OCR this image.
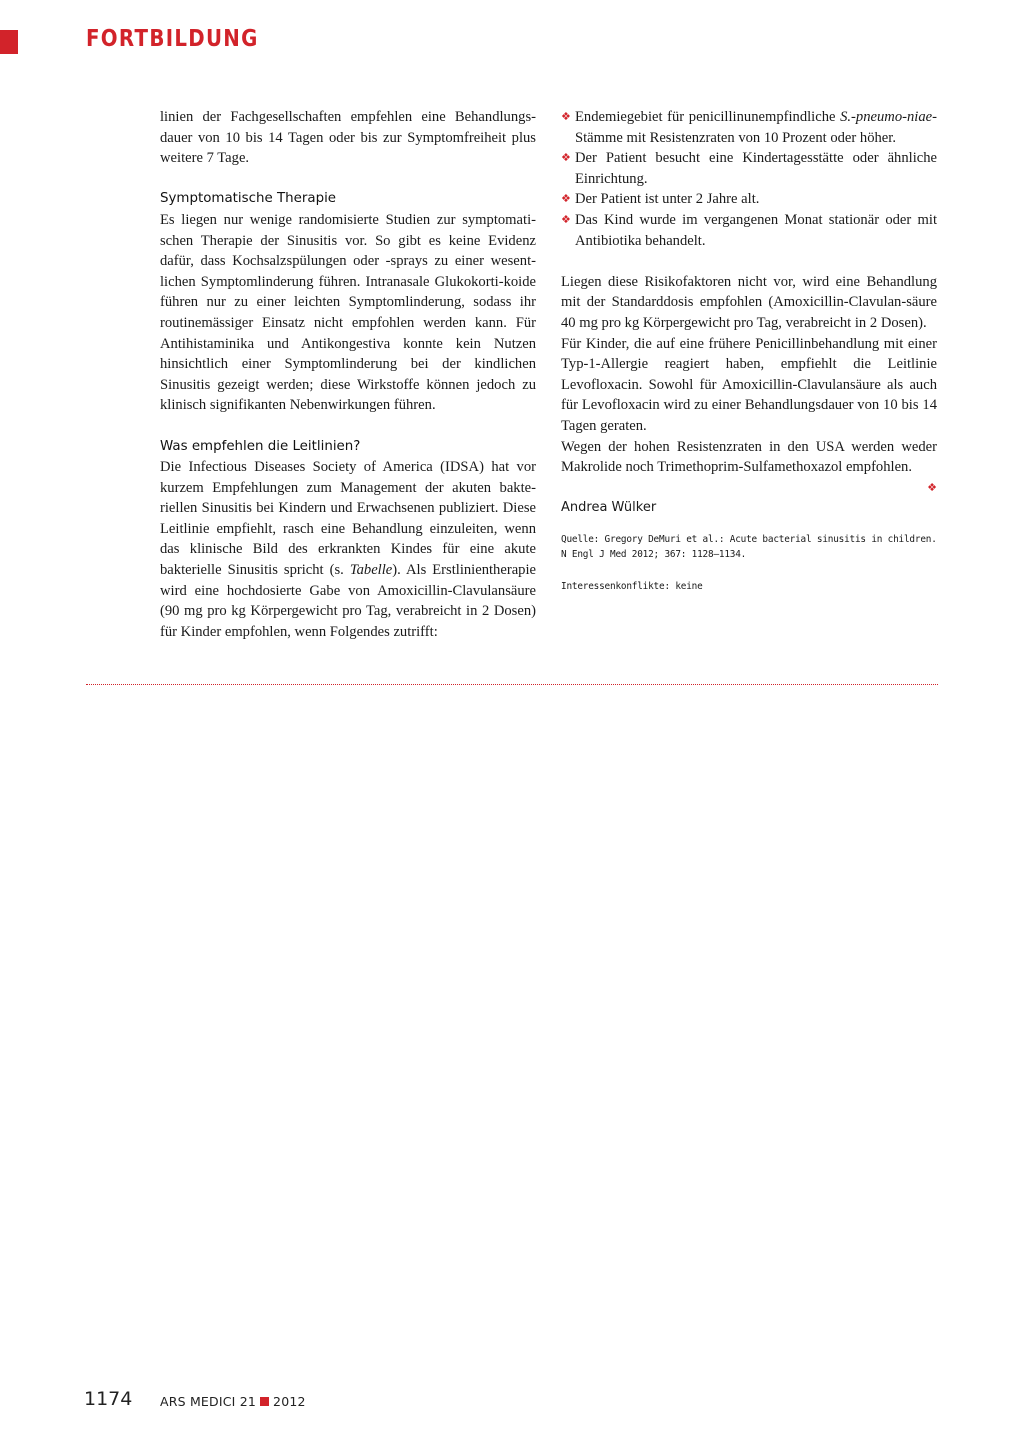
FORTBILDUNG

linien der Fachgesellschaften empfehlen eine Behandlungs-dauer von 10 bis 14 Tagen oder bis zur Symptomfreiheit plus weitere 7 Tage.

Symptomatische Therapie

Es liegen nur wenige randomisierte Studien zur symptomati-schen Therapie der Sinusitis vor. So gibt es keine Evidenz dafür, dass Kochsalzspülungen oder -sprays zu einer wesent-lichen Symptomlinderung führen. Intranasale Glukokorti-koide führen nur zu einer leichten Symptomlinderung, sodass ihr routinemässiger Einsatz nicht empfohlen werden kann. Für Antihistaminika und Antikongestiva konnte kein Nutzen hinsichtlich einer Symptomlinderung bei der kindlichen Sinusitis gezeigt werden; diese Wirkstoffe können jedoch zu klinisch signifikanten Nebenwirkungen führen.

Was empfehlen die Leitlinien?

Die Infectious Diseases Society of America (IDSA) hat vor kurzem Empfehlungen zum Management der akuten bakte-riellen Sinusitis bei Kindern und Erwachsenen publiziert. Diese Leitlinie empfiehlt, rasch eine Behandlung einzuleiten, wenn das klinische Bild des erkrankten Kindes für eine akute bakterielle Sinusitis spricht (s. Tabelle). Als Erstlinientherapie wird eine hochdosierte Gabe von Amoxicillin-Clavulansäure (90 mg pro kg Körpergewicht pro Tag, verabreicht in 2 Dosen) für Kinder empfohlen, wenn Folgendes zutrifft:

❖ Endemiegebiet für penicillinunempfindliche S.-pneumo-niae-Stämme mit Resistenzraten von 10 Prozent oder höher.
❖ Der Patient besucht eine Kindertagesstätte oder ähnliche Einrichtung.
❖ Der Patient ist unter 2 Jahre alt.
❖ Das Kind wurde im vergangenen Monat stationär oder mit Antibiotika behandelt.

Liegen diese Risikofaktoren nicht vor, wird eine Behandlung mit der Standarddosis empfohlen (Amoxicillin-Clavulan-säure 40 mg pro kg Körpergewicht pro Tag, verabreicht in 2 Dosen).

Für Kinder, die auf eine frühere Penicillinbehandlung mit einer Typ-1-Allergie reagiert haben, empfiehlt die Leitlinie Levofloxacin. Sowohl für Amoxicillin-Clavulansäure als auch für Levofloxacin wird zu einer Behandlungsdauer von 10 bis 14 Tagen geraten.

Wegen der hohen Resistenzraten in den USA werden weder Makrolide noch Trimethoprim-Sulfamethoxazol empfohlen.

❖
Andrea Wülker
Quelle: Gregory DeMuri et al.: Acute bacterial sinusitis in children. N Engl J Med 2012; 367: 1128–1134.
Interessenkonflikte: keine
1174 ARS MEDICI 21 2012
